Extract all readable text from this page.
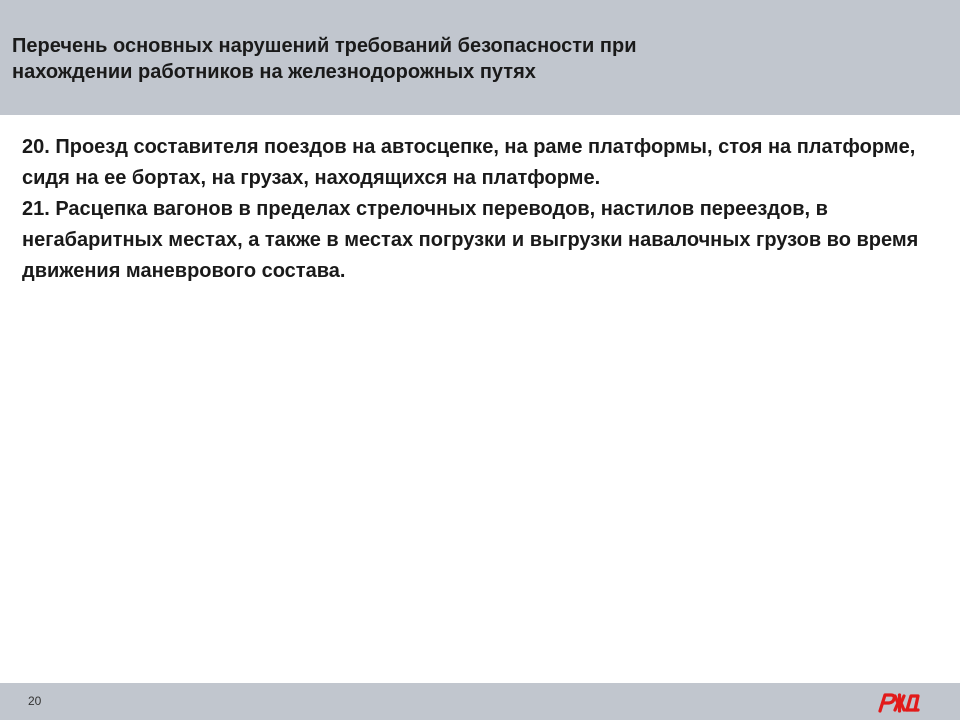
Перечень основных нарушений требований безопасности при
нахождении работников на железнодорожных путях

20. Проезд составителя поездов на автосцепке, на раме платформы, стоя на платформе, сидя на ее бортах, на грузах, находящихся на платформе.

21. Расцепка вагонов в пределах стрелочных переводов, настилов переездов, в негабаритных местах, а также в местах погрузки и выгрузки навалочных грузов во время движения маневрового состава.

20
